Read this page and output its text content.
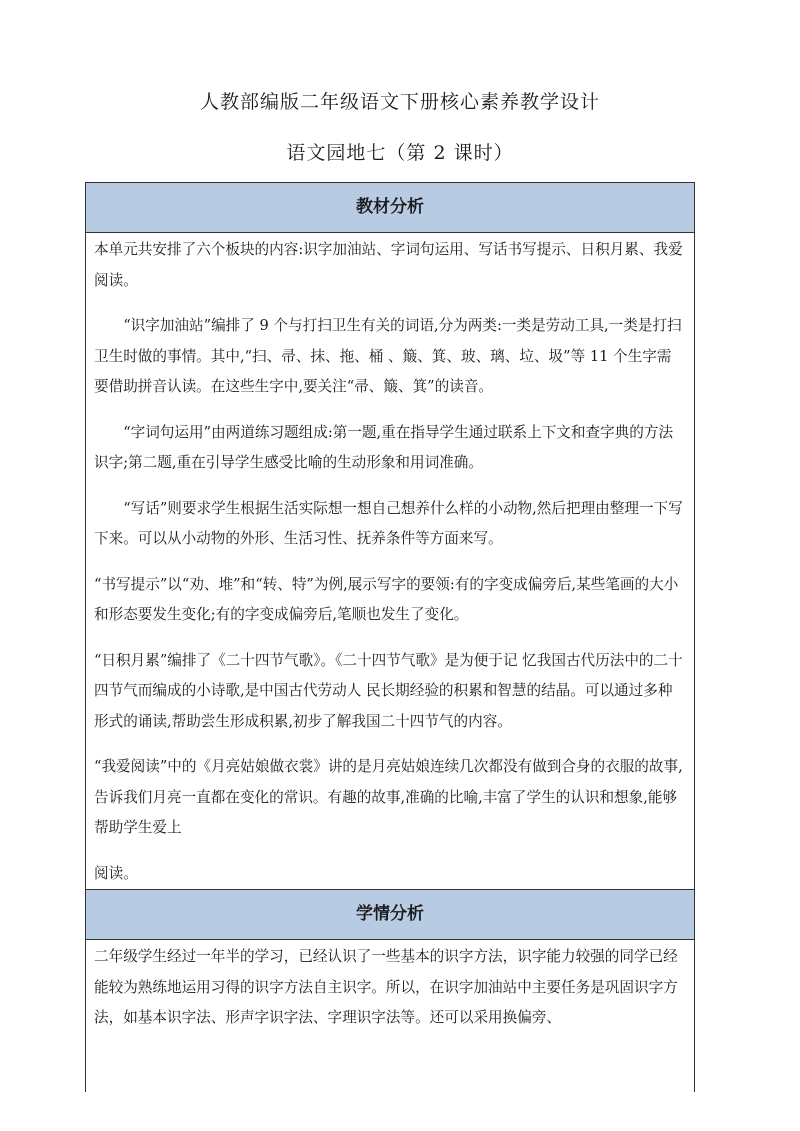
人教部编版二年级语文下册核心素养教学设计
语文园地七（第 2 课时）
教材分析

本单元共安排了六个板块的内容:识字加油站、字词句运用、写话书写提示、日积月累、我爱阅读。

“识字加油站”编排了 9 个与打扫卫生有关的词语,分为两类:一类是劳动工具,一类是打扫卫生时做的事情。其中,“扫、帚、抹、拖、桶 、簸、箕、玻、璃、垃、圾”等 11 个生字需要借助拼音认读。在这些生字中,要关注“帚、簸、箕”的读音。

“字词句运用”由两道练习题组成:第一题,重在指导学生通过联系上下文和查字典的方法识字;第二题,重在引导学生感受比喻的生动形象和用词准确。

“写话”则要求学生根据生活实际想一想自己想养什么样的小动物,然后把理由整理一下写下来。可以从小动物的外形、生活习性、抚养条件等方面来写。

“书写提示”以“劝、堆”和“转、特”为例,展示写字的要领:有的字变成偏旁后,某些笔画的大小和形态要发生变化;有的字变成偏旁后,笔顺也发生了变化。

“日积月累”编排了《二十四节气歌》。《二十四节气歌》是为便于记 忆我国古代历法中的二十四节气而编成的小诗歌,是中国古代劳动人 民长期经验的积累和智慧的结晶。可以通过多种形式的诵读,帮助尝生形成积累,初步了解我国二十四节气的内容。

“我爱阅读”中的《月亮姑娘做衣裳》讲的是月亮姑娘连续几次都没有做到合身的衣服的故事,告诉我们月亮一直都在变化的常识。有趣的故事,准确的比喻,丰富了学生的认识和想象,能够帮助学生爱上

阅读。

学情分析

二年级学生经过一年半的学习，已经认识了一些基本的识字方法，识字能力较强的同学已经能较为熟练地运用习得的识字方法自主识字。所以，在识字加油站中主要任务是巩固识字方法，如基本识字法、形声字识字法、字理识字法等。还可以采用换偏旁、
